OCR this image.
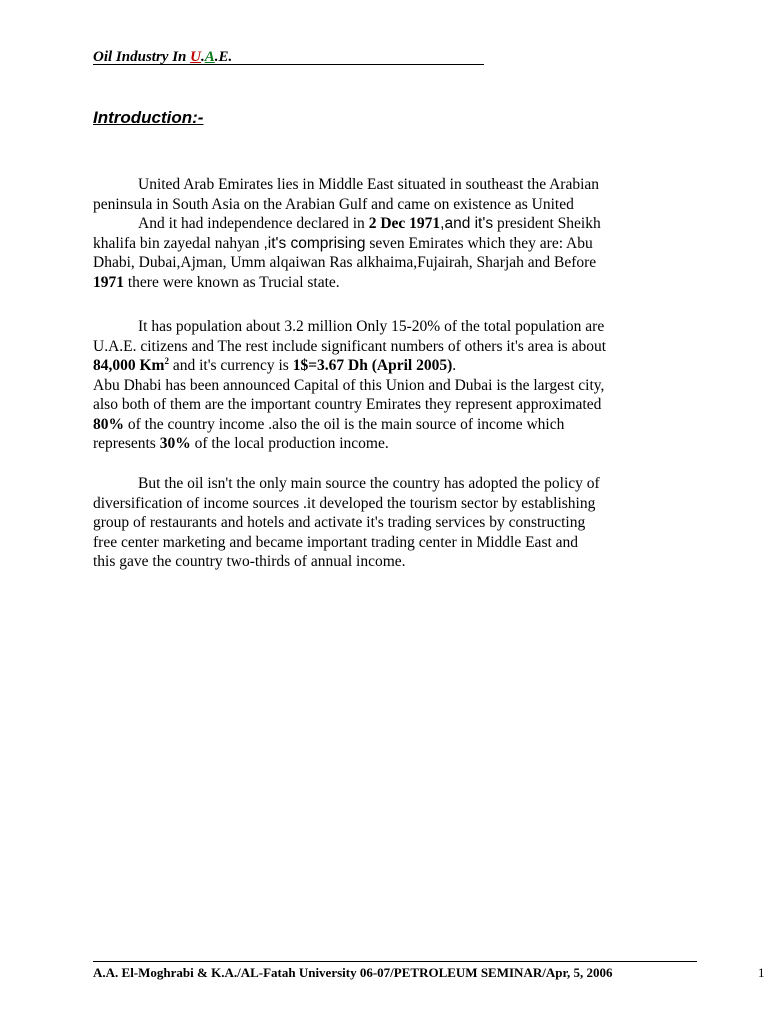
Oil Industry In U.A.E.
Introduction:-
United Arab Emirates lies in Middle East situated in southeast the Arabian
peninsula in South Asia on the Arabian Gulf and came on existence as United
And it had independence declared in 2 Dec 1971,and it's president Sheikh
khalifa bin zayedal nahyan ,it's comprising seven Emirates which they are: Abu
Dhabi, Dubai,Ajman, Umm alqaiwan Ras alkhaima,Fujairah, Sharjah and Before
1971 there were known as Trucial state.
It has population about 3.2 million Only 15-20% of the total population are
U.A.E. citizens and The rest include significant numbers of others it's area is about
84,000 Km$^2$ and it's currency is 1$=3.67 Dh (April 2005).
Abu Dhabi has been announced Capital of this Union and Dubai is the largest city,
also both of them are the important country Emirates they represent approximated
80% of the country income .also the oil is the main source of income which
represents 30% of the local production income.
But the oil isn't the only main source the country has adopted the policy of
diversification of income sources .it developed the tourism sector by establishing
group of restaurants and hotels and activate it's trading services by constructing
free center marketing and became important trading center in Middle East and
this gave the country two-thirds of annual income.
A.A. El-Moghrabi & K.A./AL-Fatah University 06-07/PETROLEUM SEMINAR/Apr, 5, 2006	1
